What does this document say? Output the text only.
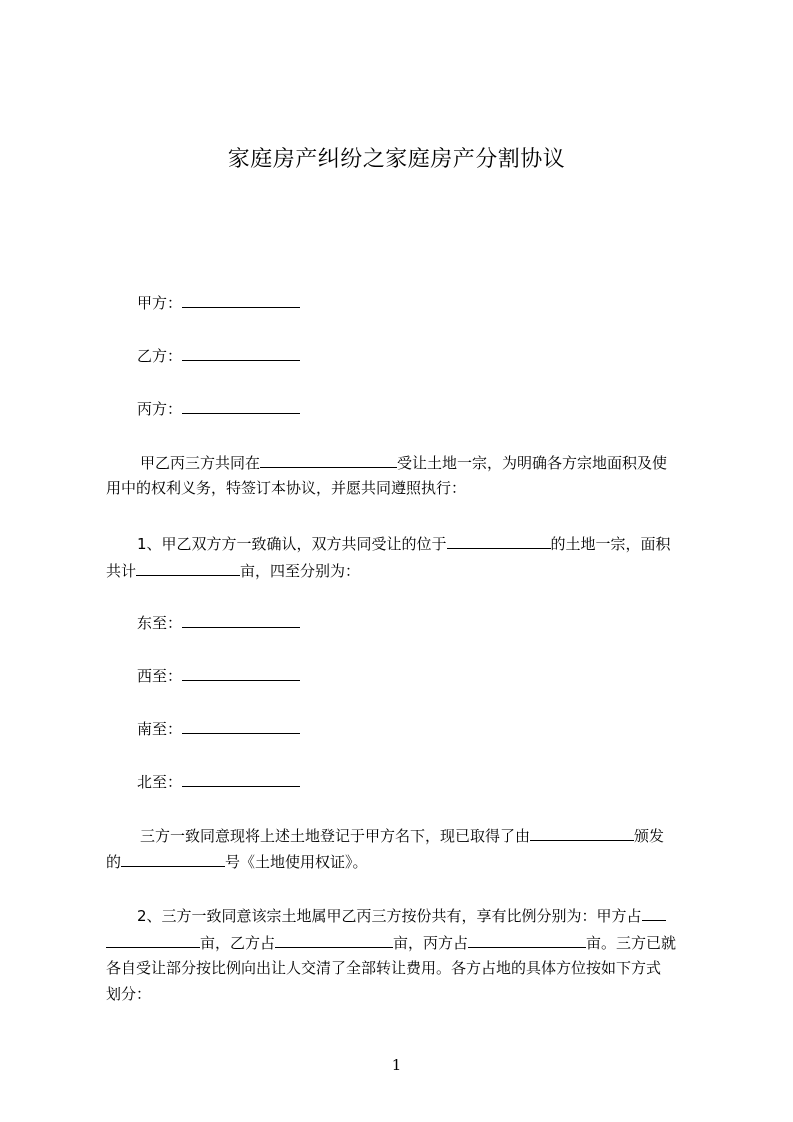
家庭房产纠纷之家庭房产分割协议
甲方：
乙方：
丙方：
甲乙丙三方共同在	受让土地一宗，为明确各方宗地面积及使
用中的权利义务，特签订本协议，并愿共同遵照执行：
1、甲乙双方方一致确认，双方共同受让的位于	的土地一宗，面积
共计	亩，四至分别为：
东至：
西至：
南至：
北至：
三方一致同意现将上述土地登记于甲方名下，现已取得了由	颁发
的	号《土地使用权证》。
2、三方一致同意该宗土地属甲乙丙三方按份共有，享有比例分别为：甲方占
亩，乙方占	亩，丙方占	亩。三方已就
各自受让部分按比例向出让人交清了全部转让费用。各方占地的具体方位按如下方式
划分：
1
